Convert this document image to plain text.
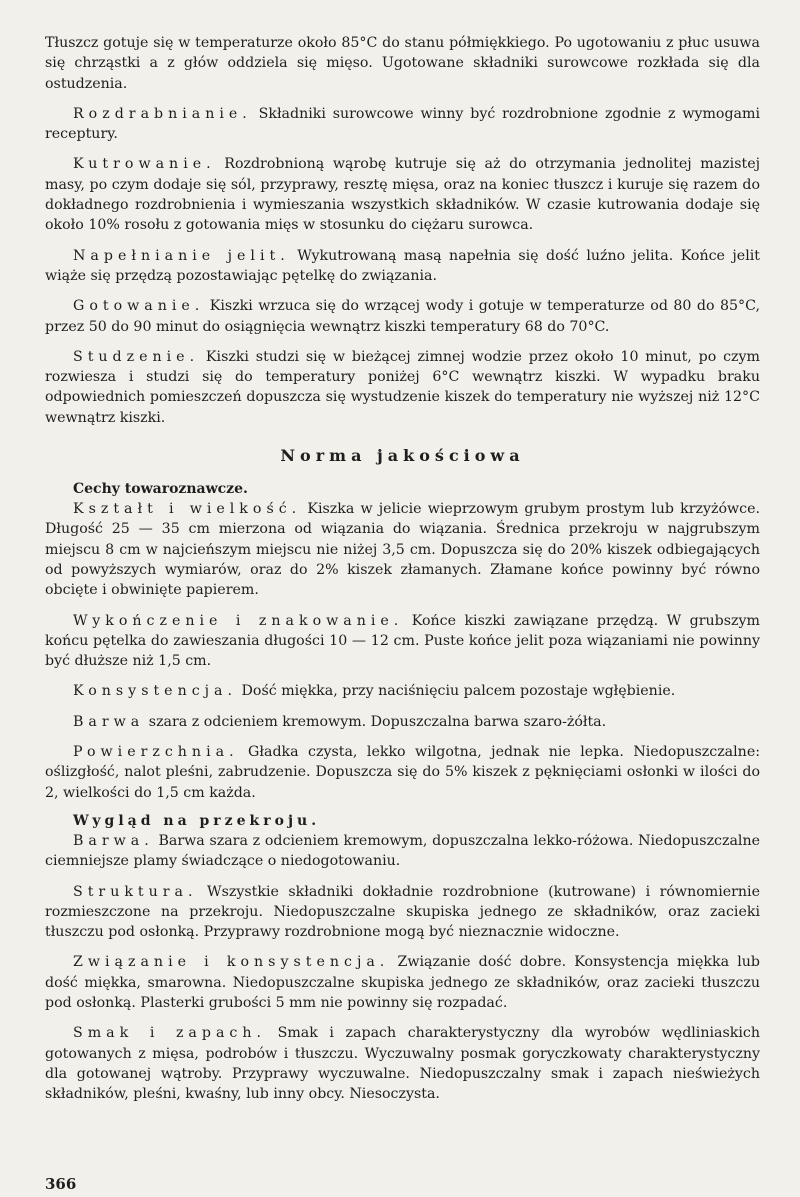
Tłuszcz gotuje się w temperaturze około 85°C do stanu półmiękkiego. Po ugotowaniu z płuc usuwa się chrząstki a z głów oddziela się mięso. Ugotowane składniki surowcowe rozkłada się dla ostudzenia.

Rozdrabnianie. Składniki surowcowe winny być rozdrobnione zgodnie z wymogami receptury.

Kutrowanie. Rozdrobnioną wąrobę kutruje się aż do otrzymania jednolitej mazistej masy, po czym dodaje się sól, przyprawy, resztę mięsa, oraz na koniec tłuszcz i kuruje się razem do dokładnego rozdrobnienia i wymieszania wszystkich składników. W czasie kutrowania dodaje się około 10% rosołu z gotowania mięs w stosunku do ciężaru surowca.

Napełnianie jelit. Wykutrowaną masą napełnia się dość luźno jelita. Końce jelit wiąże się przędzą pozostawiając pętelkę do związania.

Gotowanie. Kiszki wrzuca się do wrzącej wody i gotuje w temperaturze od 80 do 85°C, przez 50 do 90 minut do osiągnięcia wewnątrz kiszki temperatury 68 do 70°C.

Studzenie. Kiszki studzi się w bieżącej zimnej wodzie przez około 10 minut, po czym rozwiesza i studzi się do temperatury poniżej 6°C wewnątrz kiszki. W wypadku braku odpowiednich pomieszczeń dopuszcza się wystudzenie kiszek do temperatury nie wyższej niż 12°C wewnątrz kiszki.

Norma jakościowa
Cechy towaroznawcze.

Kształt i wielkość. Kiszka w jelicie wieprzowym grubym prostym lub krzyżówce. Długość 25 — 35 cm mierzona od wiązania do wiązania. Średnica przekroju w najgrubszym miejscu 8 cm w najcieńszym miejscu nie niżej 3,5 cm. Dopuszcza się do 20% kiszek odbiegających od powyższych wymiarów, oraz do 2% kiszek złamanych. Złamane końce powinny być równo obcięte i obwinięte papierem.

Wykończenie i znakowanie. Końce kiszki zawiązane przędzą. W grubszym końcu pętelka do zawieszania długości 10 — 12 cm. Puste końce jelit poza wiązaniami nie powinny być dłuższe niż 1,5 cm.

Konsystencja. Dość miękka, przy naciśnięciu palcem pozostaje wgłębienie.

Barwa szara z odcieniem kremowym. Dopuszczalna barwa szaro-żółta.

Powierzchnia. Gładka czysta, lekko wilgotna, jednak nie lepka. Niedopuszczalne: oślizgłość, nalot pleśni, zabrudzenie. Dopuszcza się do 5% kiszek z pęknięciami osłonki w ilości do 2, wielkości do 1,5 cm każda.

Wygląd na przekroju.

Barwa. Barwa szara z odcieniem kremowym, dopuszczalna lekko-różowa. Niedopuszczalne ciemniejsze plamy świadczące o niedogotowaniu.

Struktura. Wszystkie składniki dokładnie rozdrobnione (kutrowane) i równomiernie rozmieszczone na przekroju. Niedopuszczalne skupiska jednego ze składników, oraz zacieki tłuszczu pod osłonką. Przyprawy rozdrobnione mogą być nieznacznie widoczne.

Związanie i konsystencja. Związanie dość dobre. Konsystencja miękka lub dość miękka, smarowna. Niedopuszczalne skupiska jednego ze składników, oraz zacieki tłuszczu pod osłonką. Plasterki grubości 5 mm nie powinny się rozpadać.

Smak i zapach. Smak i zapach charakterystyczny dla wyrobów wędliniaskich gotowanych z mięsa, podrobów i tłuszczu. Wyczuwalny posmak goryczkowaty charakterystyczny dla gotowanej wątroby. Przyprawy wyczuwalne. Niedopuszczalny smak i zapach nieświeżych składników, pleśni, kwaśny, lub inny obcy. Niesoczysta.

366
